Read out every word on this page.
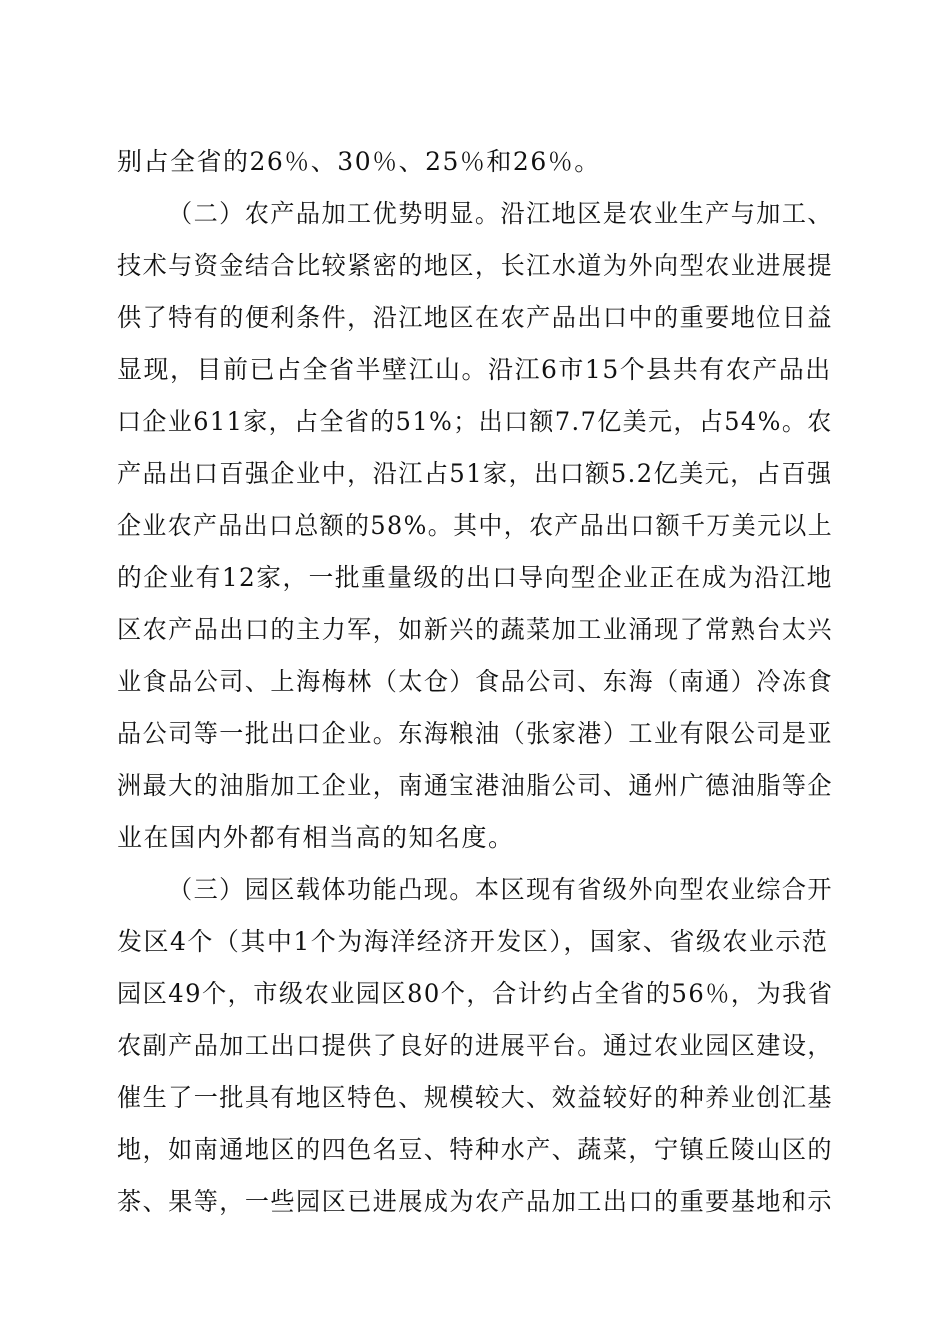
别占全省的26％、30％、25％和26％。
（二）农产品加工优势明显。沿江地区是农业生产与加工、
技术与资金结合比较紧密的地区，长江水道为外向型农业进展提
供了特有的便利条件，沿江地区在农产品出口中的重要地位日益
显现，目前已占全省半壁江山。沿江6市15个县共有农产品出
口企业611家，占全省的51%；出口额7.7亿美元，占54%。农
产品出口百强企业中，沿江占51家，出口额5.2亿美元，占百强
企业农产品出口总额的58%。其中，农产品出口额千万美元以上
的企业有12家，一批重量级的出口导向型企业正在成为沿江地
区农产品出口的主力军，如新兴的蔬菜加工业涌现了常熟台太兴
业食品公司、上海梅林（太仓）食品公司、东海（南通）冷冻食
品公司等一批出口企业。东海粮油（张家港）工业有限公司是亚
洲最大的油脂加工企业，南通宝港油脂公司、通州广德油脂等企
业在国内外都有相当高的知名度。
（三）园区载体功能凸现。本区现有省级外向型农业综合开
发区4个（其中1个为海洋经济开发区），国家、省级农业示范
园区49个，市级农业园区80个，合计约占全省的56％，为我省
农副产品加工出口提供了良好的进展平台。通过农业园区建设，
催生了一批具有地区特色、规模较大、效益较好的种养业创汇基
地，如南通地区的四色名豆、特种水产、蔬菜，宁镇丘陵山区的
茶、果等，一些园区已进展成为农产品加工出口的重要基地和示
